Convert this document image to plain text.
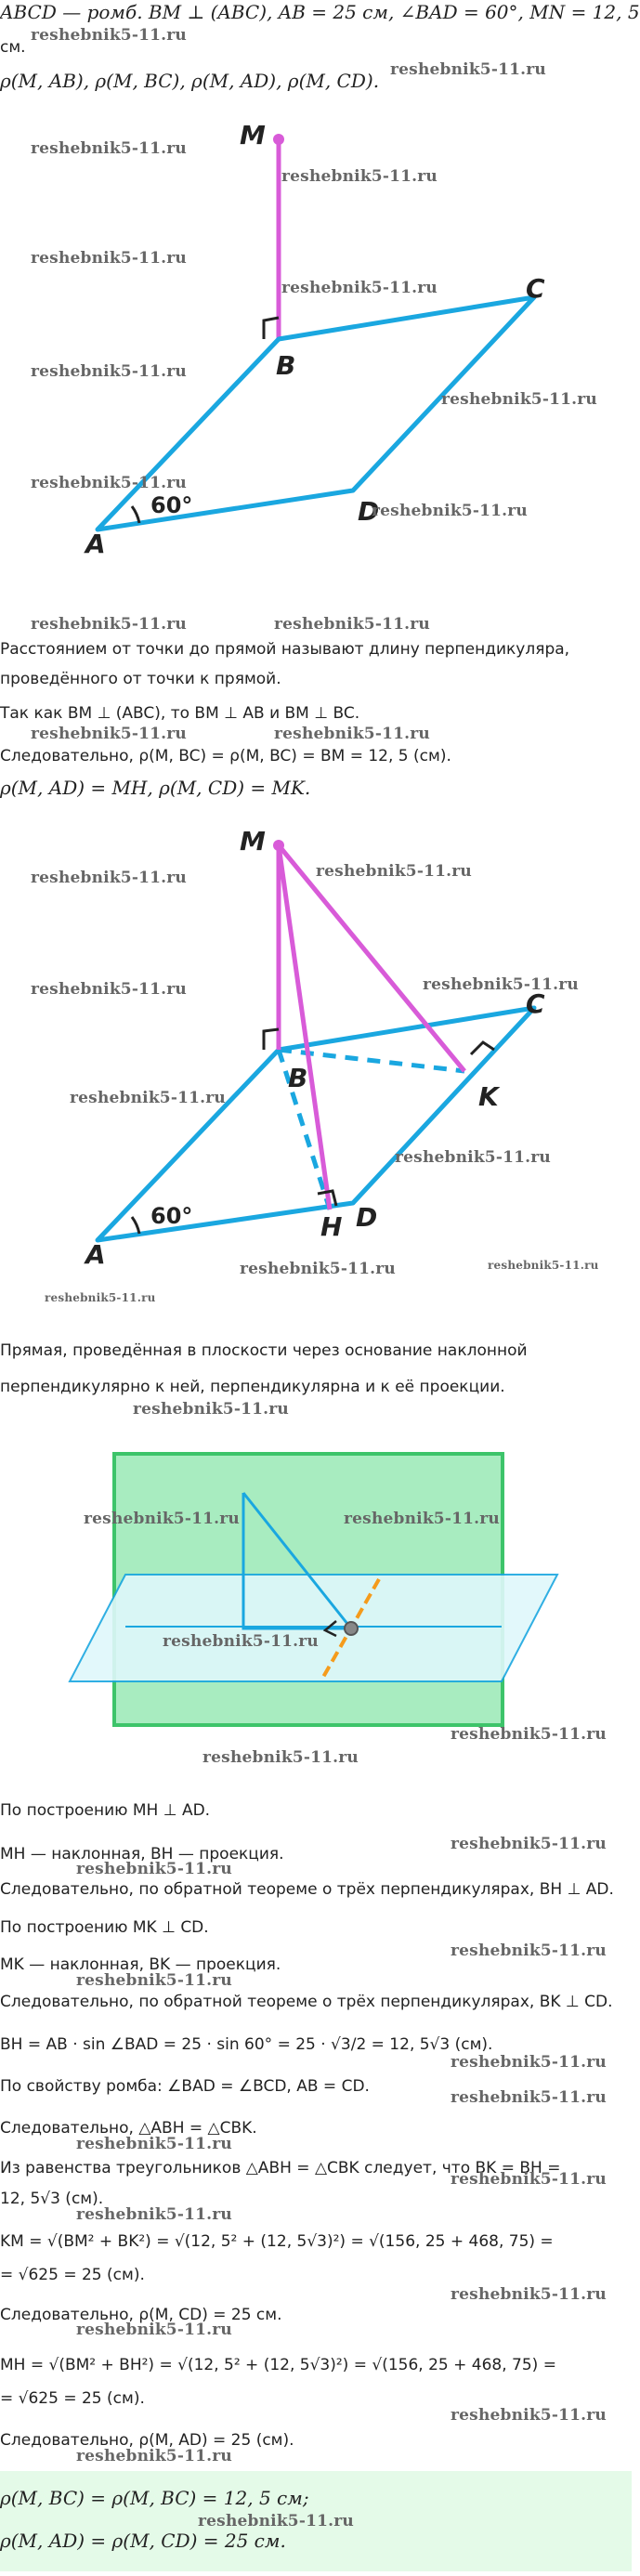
ABCD — ромб. BM ⊥ (ABC), AB = 25 см, ∠BAD = 60°, MN = 12, 5
см.
ρ(M, AB), ρ(M, BC), ρ(M, AD), ρ(M, CD).
M
B
C
A
D
60°
Расстоянием от точки до прямой называют длину перпендикуляра,
проведённого от точки к прямой.
Так как BM ⊥ (ABC), то BM ⊥ AB и BM ⊥ BC.
Следовательно, ρ(M, BC) = ρ(M, BC) = BM = 12, 5 (см).
ρ(M, AD) = MH, ρ(M, CD) = MK.
M
B
C
K
A
H D
60°
Прямая, проведённая в плоскости через основание наклонной
перпендикулярно к ней, перпендикулярна и к её проекции.
По построению MH ⊥ AD.
MH — наклонная, BH — проекция.
Следовательно, по обратной теореме о трёх перпендикулярах, BH ⊥ AD.
По построению MK ⊥ CD.
MK — наклонная, BK — проекция.
Следовательно, по обратной теореме о трёх перпендикулярах, BK ⊥ CD.
BH = AB · sin ∠BAD = 25 · sin 60° = 25 · √3/2 = 12, 5√3 (см).
По свойству ромба: ∠BAD = ∠BCD, AB = CD.
Следовательно, △ABH = △CBK.
Из равенства треугольников △ABH = △CBK следует, что BK = BH =
12, 5√3 (см).
KM = √(BM² + BK²) = √(12, 5² + (12, 5√3)²) = √(156, 25 + 468, 75) =
= √625 = 25 (см).
Следовательно, ρ(M, CD) = 25 см.
MH = √(BM² + BH²) = √(12, 5² + (12, 5√3)²) = √(156, 25 + 468, 75) =
= √625 = 25 (см).
Следовательно, ρ(M, AD) = 25 (см).
ρ(M, BC) = ρ(M, BC) = 12, 5 см;
ρ(M, AD) = ρ(M, CD) = 25 см.
reshebnik5-11.ru
reshebnik5-11.ru
reshebnik5-11.ru
reshebnik5-11.ru
reshebnik5-11.ru
reshebnik5-11.ru
reshebnik5-11.ru
reshebnik5-11.ru
reshebnik5-11.ru
reshebnik5-11.ru
reshebnik5-11.ru	reshebnik5-11.ru
reshebnik5-11.ru	reshebnik5-11.ru
reshebnik5-11.ru
reshebnik5-11.ru
reshebnik5-11.ru
reshebnik5-11.ru
reshebnik5-11.ru
reshebnik5-11.ru
reshebnik5-11.ru	reshebnik5-11.ru
reshebnik5-11.ru
reshebnik5-11.ru
reshebnik5-11.ru	reshebnik5-11.ru
reshebnik5-11.ru
reshebnik5-11.ru
reshebnik5-11.ru
reshebnik5-11.ru
reshebnik5-11.ru
reshebnik5-11.ru
reshebnik5-11.ru
reshebnik5-11.ru
reshebnik5-11.ru
reshebnik5-11.ru
reshebnik5-11.ru
reshebnik5-11.ru
reshebnik5-11.ru
reshebnik5-11.ru
reshebnik5-11.ru
reshebnik5-11.ru
reshebnik5-11.ru
